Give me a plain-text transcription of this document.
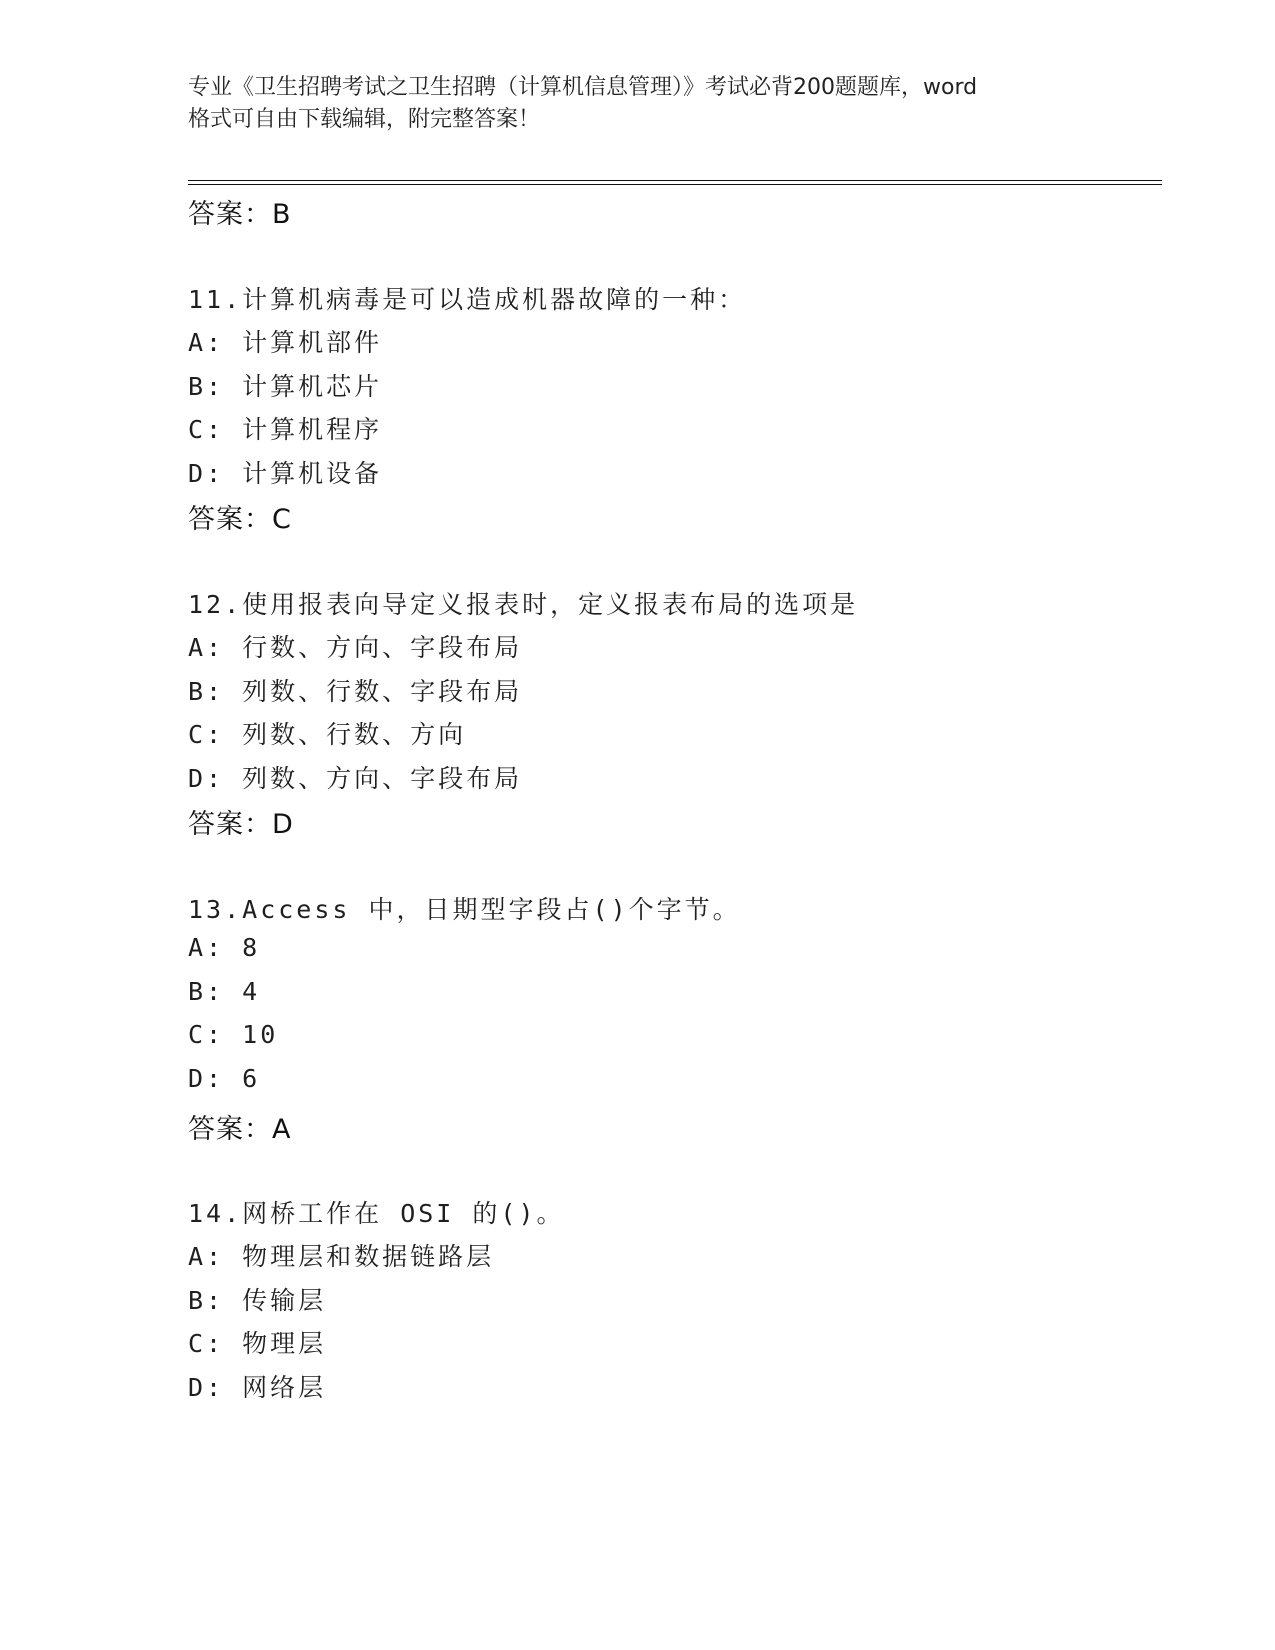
专业《卫生招聘考试之卫生招聘（计算机信息管理）》考试必背200题题库，word
格式可自由下载编辑，附完整答案！
答案：B
11.计算机病毒是可以造成机器故障的一种：
A: 计算机部件
B: 计算机芯片
C: 计算机程序
D: 计算机设备
答案：C
12.使用报表向导定义报表时，定义报表布局的选项是
A: 行数、方向、字段布局
B: 列数、行数、字段布局
C: 列数、行数、方向
D: 列数、方向、字段布局
答案：D
13.Access 中，日期型字段占()个字节。
A: 8
B: 4
C: 10
D: 6
答案：A
14.网桥工作在 OSI 的()。
A: 物理层和数据链路层
B: 传输层
C: 物理层
D: 网络层
